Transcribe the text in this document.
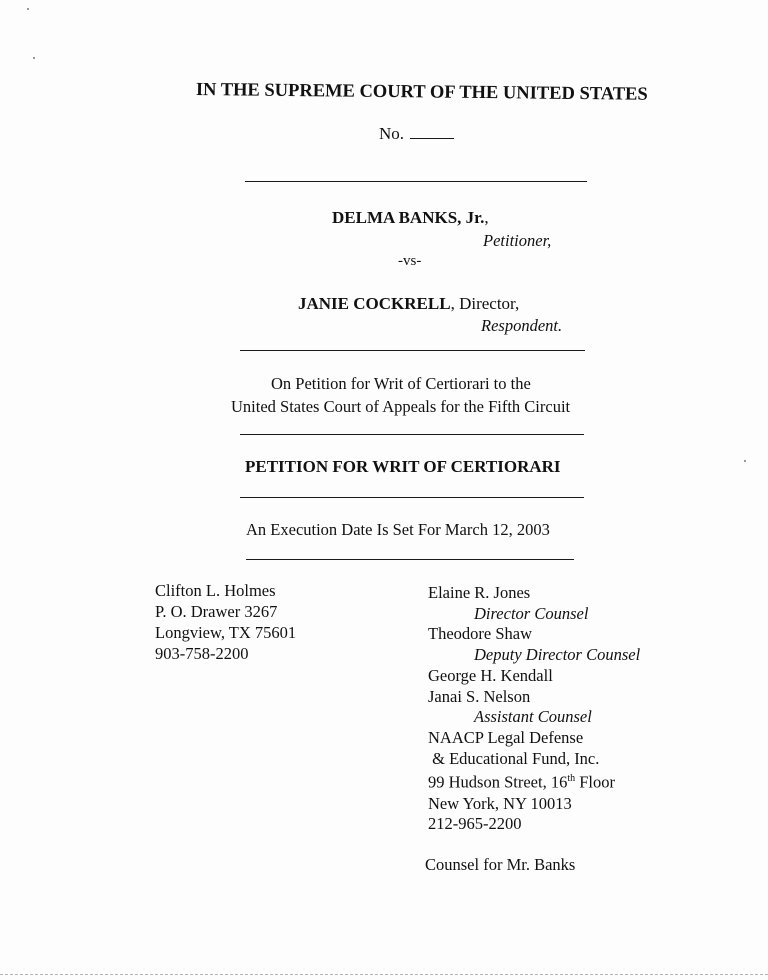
IN THE SUPREME COURT OF THE UNITED STATES
No.
DELMA BANKS, Jr.,
Petitioner,
-vs-
JANIE COCKRELL, Director,
Respondent.
On Petition for Writ of Certiorari to the
United States Court of Appeals for the Fifth Circuit
PETITION FOR WRIT OF CERTIORARI
An Execution Date Is Set For March 12, 2003
Clifton L. Holmes
P. O. Drawer 3267
Longview, TX 75601
903-758-2200
Elaine R. Jones
Director Counsel
Theodore Shaw
Deputy Director Counsel
George H. Kendall
Janai S. Nelson
Assistant Counsel
NAACP Legal Defense
& Educational Fund, Inc.
99 Hudson Street, 16th Floor
New York, NY 10013
212-965-2200
Counsel for Mr. Banks
